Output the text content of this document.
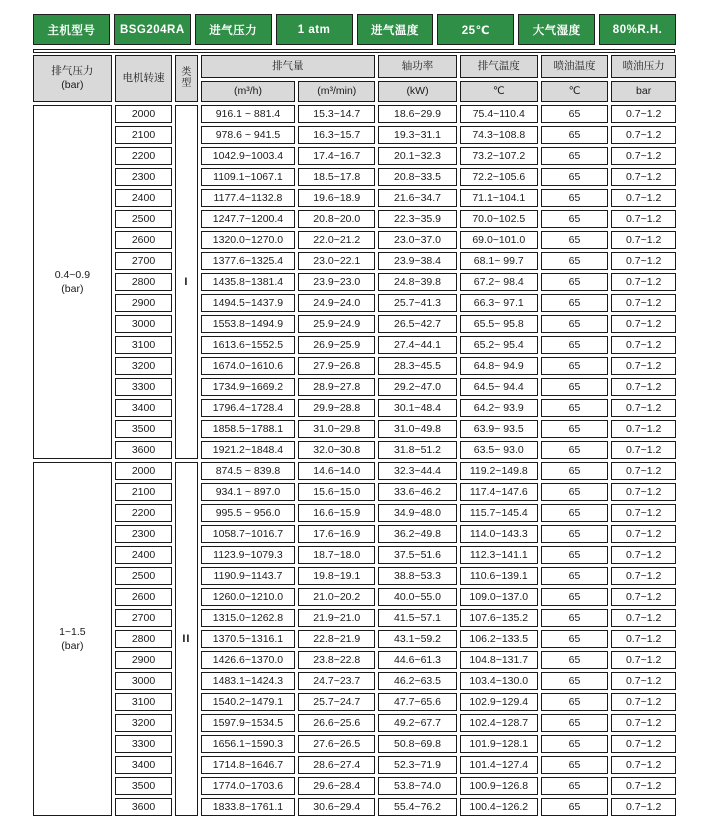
主机型号	BSG204RA	进气压力	1 atm	进气温度	25℃	大气湿度	80%R.H.
排气压力
(bar)	电机转速	类
型	排气量		轴功率	排气温度	喷油温度	喷油压力
			(m³/h)	(m³/min)	(kW)	℃	℃	bar

0.4~0.9
(bar)	2000	I	916.1 ~ 881.4	15.3~14.7	18.6~29.9	75.4~110.4	65	0.7~1.2
	2100		978.6 ~ 941.5	16.3~15.7	19.3~31.1	74.3~108.8	65	0.7~1.2
	2200		1042.9~1003.4	17.4~16.7	20.1~32.3	73.2~107.2	65	0.7~1.2
	2300		1109.1~1067.1	18.5~17.8	20.8~33.5	72.2~105.6	65	0.7~1.2
	2400		1177.4~1132.8	19.6~18.9	21.6~34.7	71.1~104.1	65	0.7~1.2
	2500		1247.7~1200.4	20.8~20.0	22.3~35.9	70.0~102.5	65	0.7~1.2
	2600		1320.0~1270.0	22.0~21.2	23.0~37.0	69.0~101.0	65	0.7~1.2
	2700		1377.6~1325.4	23.0~22.1	23.9~38.4	68.1~ 99.7	65	0.7~1.2
	2800		1435.8~1381.4	23.9~23.0	24.8~39.8	67.2~ 98.4	65	0.7~1.2
	2900		1494.5~1437.9	24.9~24.0	25.7~41.3	66.3~ 97.1	65	0.7~1.2
	3000		1553.8~1494.9	25.9~24.9	26.5~42.7	65.5~ 95.8	65	0.7~1.2
	3100		1613.6~1552.5	26.9~25.9	27.4~44.1	65.2~ 95.4	65	0.7~1.2
	3200		1674.0~1610.6	27.9~26.8	28.3~45.5	64.8~ 94.9	65	0.7~1.2
	3300		1734.9~1669.2	28.9~27.8	29.2~47.0	64.5~ 94.4	65	0.7~1.2
	3400		1796.4~1728.4	29.9~28.8	30.1~48.4	64.2~ 93.9	65	0.7~1.2
	3500		1858.5~1788.1	31.0~29.8	31.0~49.8	63.9~ 93.5	65	0.7~1.2
	3600		1921.2~1848.4	32.0~30.8	31.8~51.2	63.5~ 93.0	65	0.7~1.2

1~1.5
(bar)	2000	II	874.5 ~ 839.8	14.6~14.0	32.3~44.4	119.2~149.8	65	0.7~1.2
	2100		934.1 ~ 897.0	15.6~15.0	33.6~46.2	117.4~147.6	65	0.7~1.2
	2200		995.5 ~ 956.0	16.6~15.9	34.9~48.0	115.7~145.4	65	0.7~1.2
	2300		1058.7~1016.7	17.6~16.9	36.2~49.8	114.0~143.3	65	0.7~1.2
	2400		1123.9~1079.3	18.7~18.0	37.5~51.6	112.3~141.1	65	0.7~1.2
	2500		1190.9~1143.7	19.8~19.1	38.8~53.3	110.6~139.1	65	0.7~1.2
	2600		1260.0~1210.0	21.0~20.2	40.0~55.0	109.0~137.0	65	0.7~1.2
	2700		1315.0~1262.8	21.9~21.0	41.5~57.1	107.6~135.2	65	0.7~1.2
	2800		1370.5~1316.1	22.8~21.9	43.1~59.2	106.2~133.5	65	0.7~1.2
	2900		1426.6~1370.0	23.8~22.8	44.6~61.3	104.8~131.7	65	0.7~1.2
	3000		1483.1~1424.3	24.7~23.7	46.2~63.5	103.4~130.0	65	0.7~1.2
	3100		1540.2~1479.1	25.7~24.7	47.7~65.6	102.9~129.4	65	0.7~1.2
	3200		1597.9~1534.5	26.6~25.6	49.2~67.7	102.4~128.7	65	0.7~1.2
	3300		1656.1~1590.3	27.6~26.5	50.8~69.8	101.9~128.1	65	0.7~1.2
	3400		1714.8~1646.7	28.6~27.4	52.3~71.9	101.4~127.4	65	0.7~1.2
	3500		1774.0~1703.6	29.6~28.4	53.8~74.0	100.9~126.8	65	0.7~1.2
	3600		1833.8~1761.1	30.6~29.4	55.4~76.2	100.4~126.2	65	0.7~1.2
